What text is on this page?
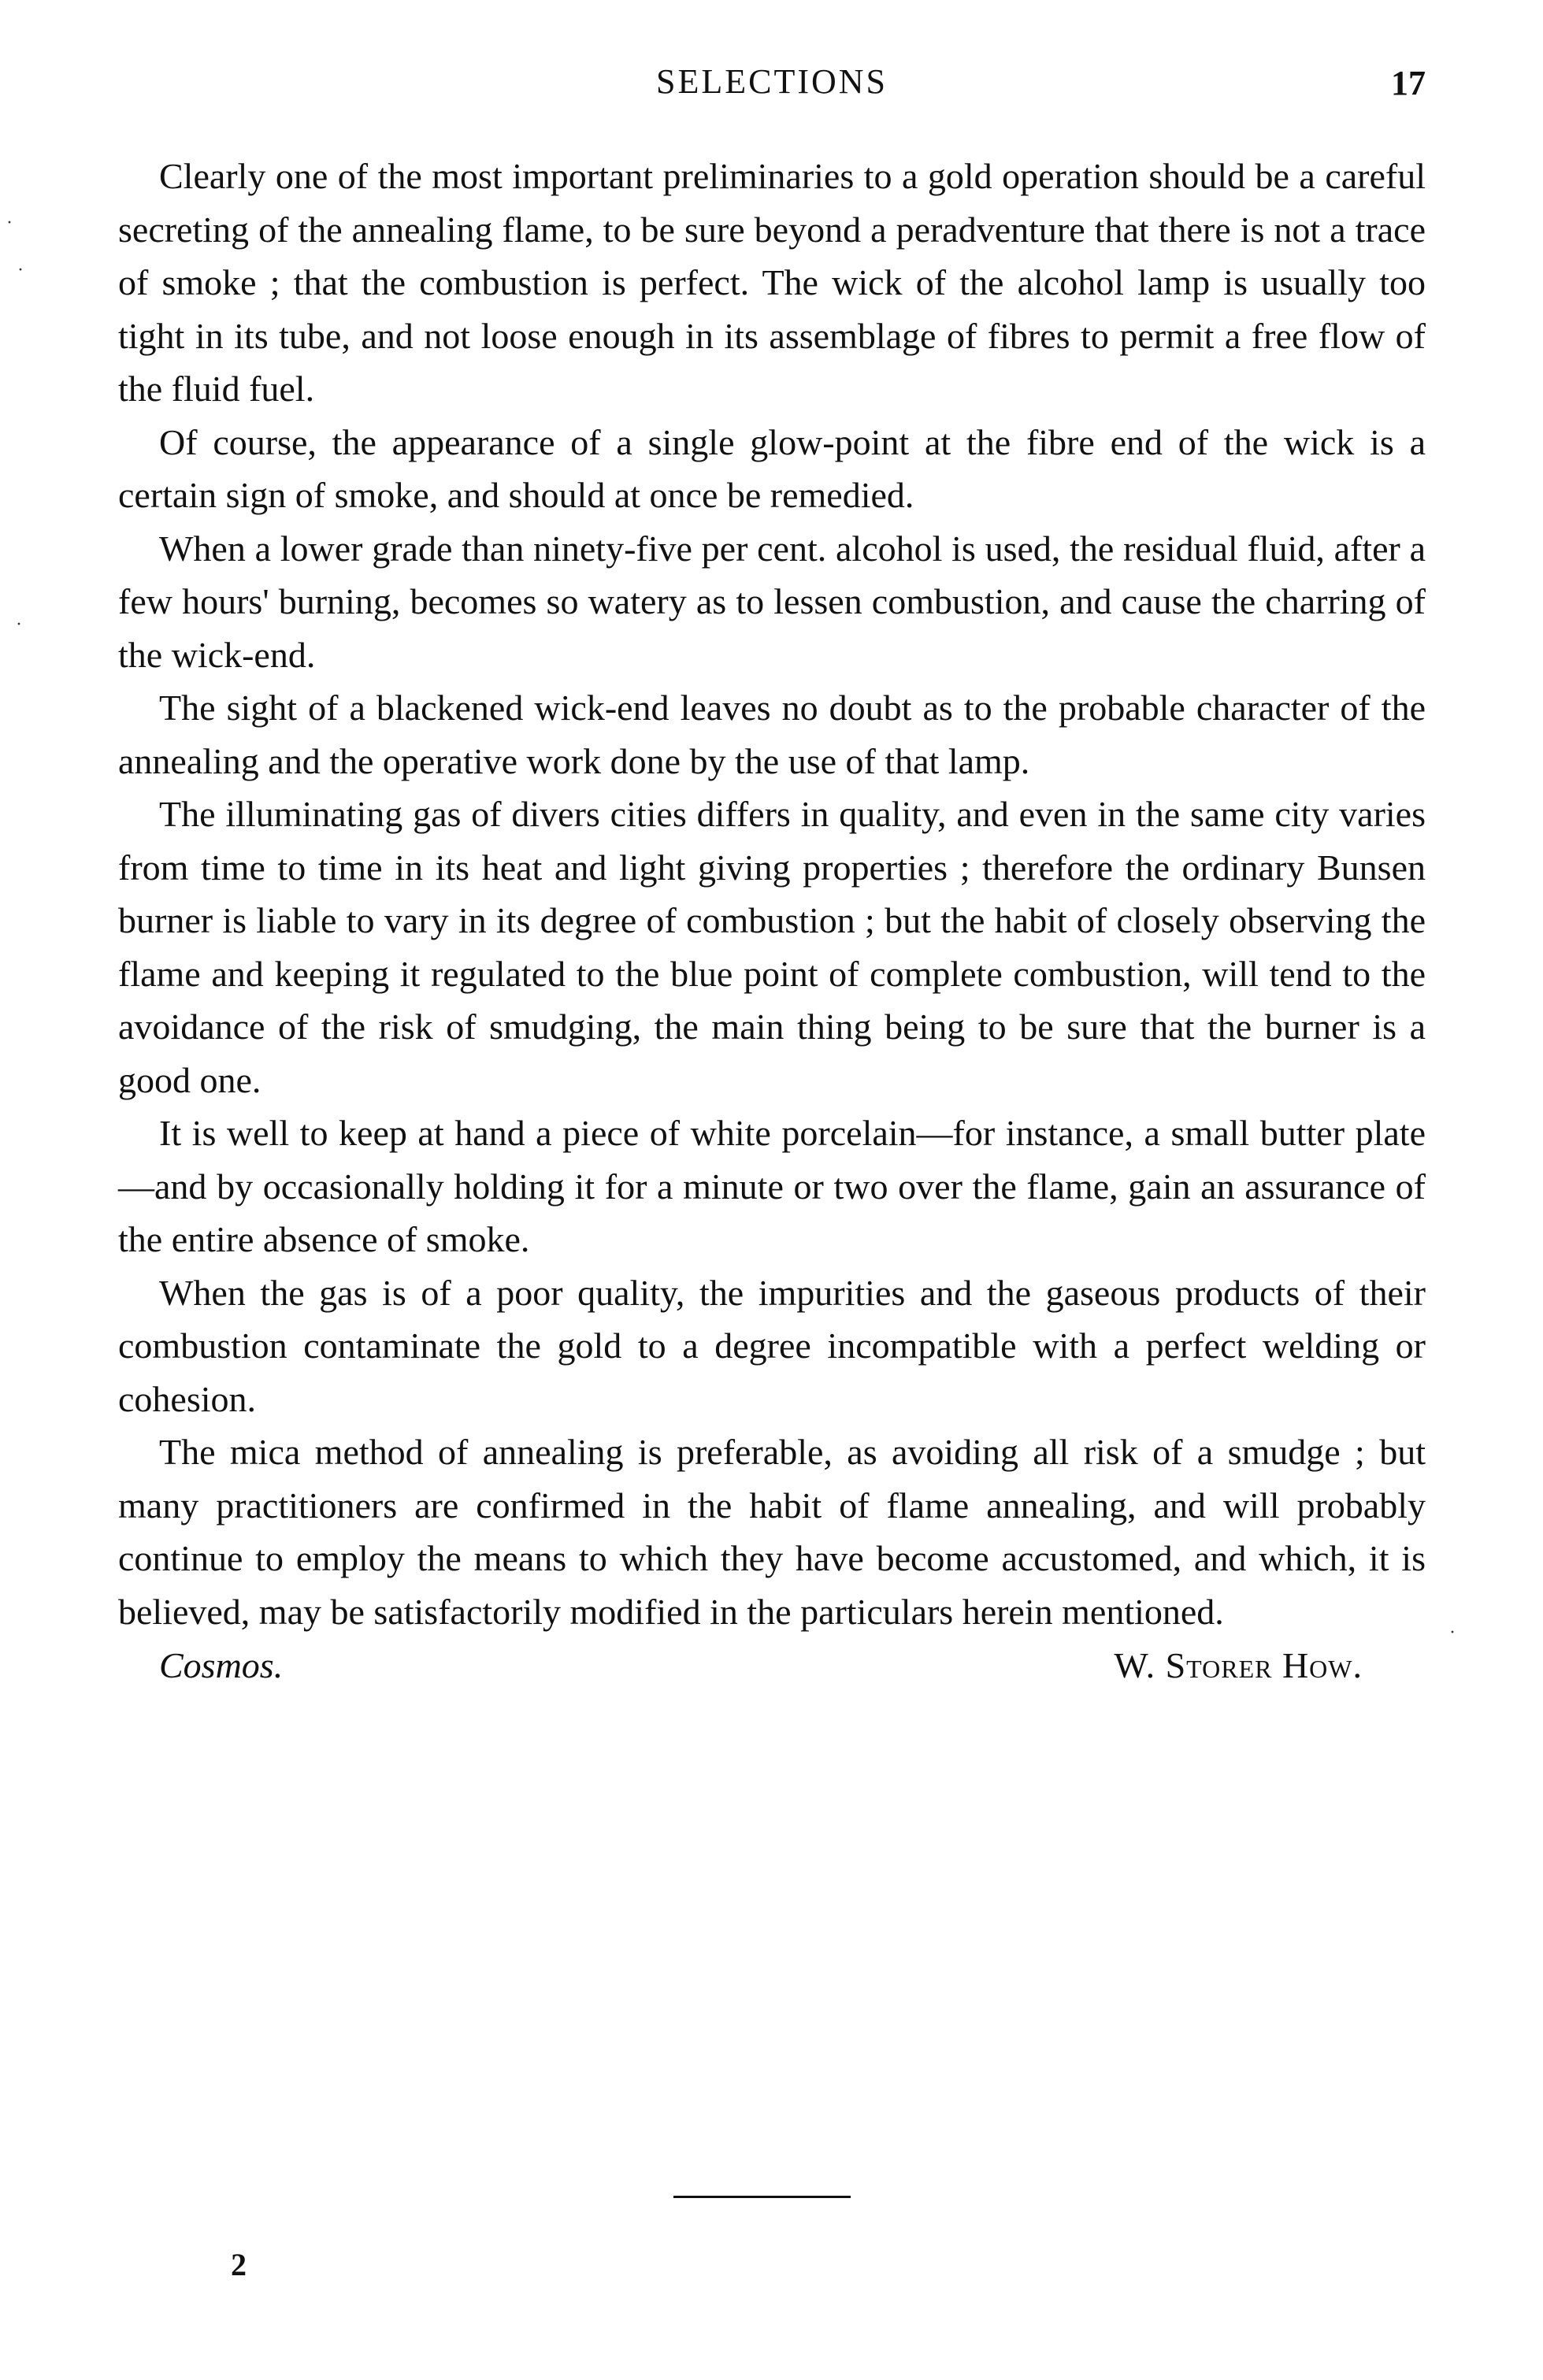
SELECTIONS	17

Clearly one of the most important preliminaries to a gold operation should be a careful secreting of the annealing flame, to be sure beyond a peradventure that there is not a trace of smoke ; that the combustion is perfect. The wick of the alcohol lamp is usually too tight in its tube, and not loose enough in its assemblage of fibres to permit a free flow of the fluid fuel.

Of course, the appearance of a single glow-point at the fibre end of the wick is a certain sign of smoke, and should at once be remedied.

When a lower grade than ninety-five per cent. alcohol is used, the residual fluid, after a few hours' burning, becomes so watery as to lessen combustion, and cause the charring of the wick-end.

The sight of a blackened wick-end leaves no doubt as to the probable character of the annealing and the operative work done by the use of that lamp.

The illuminating gas of divers cities differs in quality, and even in the same city varies from time to time in its heat and light giving properties ; therefore the ordinary Bunsen burner is liable to vary in its degree of combustion ; but the habit of closely observing the flame and keeping it regulated to the blue point of complete combustion, will tend to the avoidance of the risk of smudging, the main thing being to be sure that the burner is a good one.

It is well to keep at hand a piece of white porcelain—for instance, a small butter plate—and by occasionally holding it for a minute or two over the flame, gain an assurance of the entire absence of smoke.

When the gas is of a poor quality, the impurities and the gaseous products of their combustion contaminate the gold to a degree incompatible with a perfect welding or cohesion.

The mica method of annealing is preferable, as avoiding all risk of a smudge ; but many practitioners are confirmed in the habit of flame annealing, and will probably continue to employ the means to which they have become accustomed, and which, it is believed, may be satisfactorily modified in the particulars herein mentioned.

Cosmos.	W. Storer How.
2
·
·
·
·
